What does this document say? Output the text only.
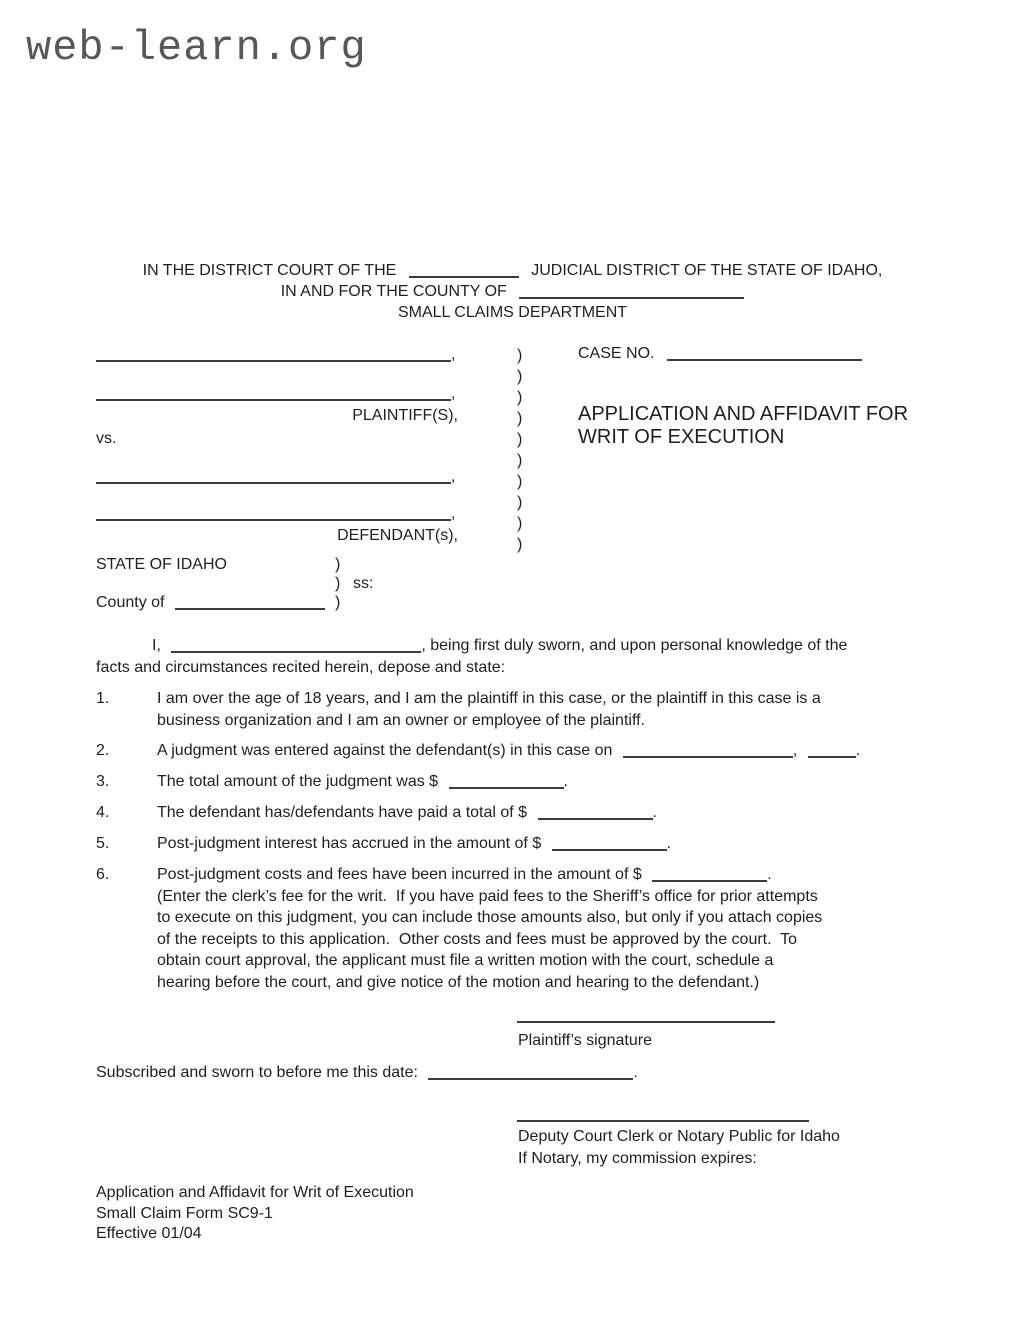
web-learn.org
IN THE DISTRICT COURT OF THE	JUDICIAL DISTRICT OF THE STATE OF IDAHO,
IN AND FOR THE COUNTY OF
SMALL CLAIMS DEPARTMENT
,
,
PLAINTIFF(S),
vs.
,
,
DEFENDANT(s),
)
)
)
)
)
)
)
)
)
)
CASE NO.
APPLICATION AND AFFIDAVIT FOR
WRIT OF EXECUTION
STATE OF IDAHO	)
) ss:
County of	)
I,	, being first duly sworn, and upon personal knowledge of the
facts and circumstances recited herein, depose and state:
1.	I am over the age of 18 years, and I am the plaintiff in this case, or the plaintiff in this case is a
business organization and I am an owner or employee of the plaintiff.
2.	A judgment was entered against the defendant(s) in this case on	,	.
3.	The total amount of the judgment was $	.
4.	The defendant has/defendants have paid a total of $	.
5.	Post-judgment interest has accrued in the amount of $	.
6.	Post-judgment costs and fees have been incurred in the amount of $	.
(Enter the clerk’s fee for the writ.  If you have paid fees to the Sheriff’s office for prior attempts
to execute on this judgment, you can include those amounts also, but only if you attach copies
of the receipts to this application.  Other costs and fees must be approved by the court.  To
obtain court approval, the applicant must file a written motion with the court, schedule a
hearing before the court, and give notice of the motion and hearing to the defendant.)
Plaintiff’s signature
Subscribed and sworn to before me this date:	.
Deputy Court Clerk or Notary Public for Idaho
If Notary, my commission expires:
Application and Affidavit for Writ of Execution
Small Claim Form SC9-1
Effective 01/04
